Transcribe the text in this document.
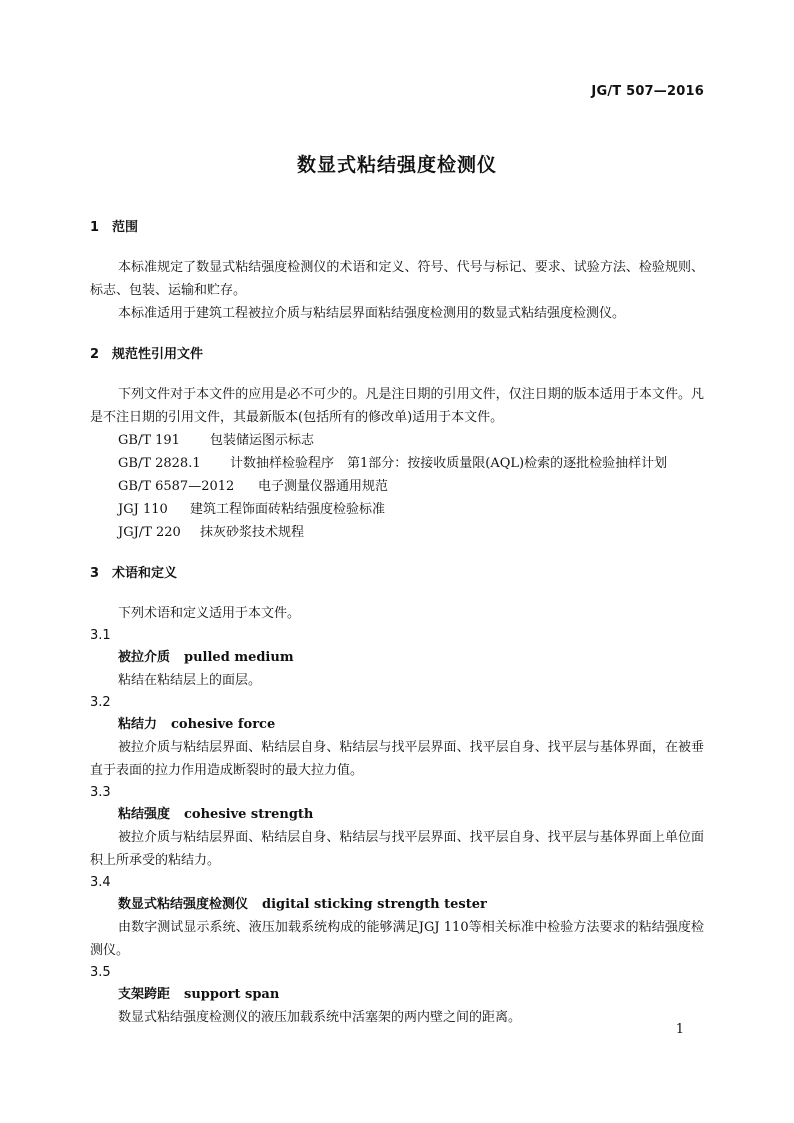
JG/T 507—2016
数显式粘结强度检测仪
1 范围

本标准规定了数显式粘结强度检测仪的术语和定义、符号、代号与标记、要求、试验方法、检验规则、标志、包装、运输和贮存。

本标准适用于建筑工程被拉介质与粘结层界面粘结强度检测用的数显式粘结强度检测仪。

2 规范性引用文件

下列文件对于本文件的应用是必不可少的。凡是注日期的引用文件，仅注日期的版本适用于本文件。凡是不注日期的引用文件，其最新版本(包括所有的修改单)适用于本文件。

GB/T 191 包装储运图示标志
GB/T 2828.1 计数抽样检验程序　第1部分：按接收质量限(AQL)检索的逐批检验抽样计划
GB/T 6587—2012 电子测量仪器通用规范
JGJ 110 建筑工程饰面砖粘结强度检验标准
JGJ/T 220 抹灰砂浆技术规程
3 术语和定义

下列术语和定义适用于本文件。

3.1
被拉介质 pulled medium

粘结在粘结层上的面层。

3.2
粘结力 cohesive force

被拉介质与粘结层界面、粘结层自身、粘结层与找平层界面、找平层自身、找平层与基体界面，在被垂直于表面的拉力作用造成断裂时的最大拉力值。

3.3
粘结强度 cohesive strength

被拉介质与粘结层界面、粘结层自身、粘结层与找平层界面、找平层自身、找平层与基体界面上单位面积上所承受的粘结力。

3.4
数显式粘结强度检测仪 digital sticking strength tester

由数字测试显示系统、液压加载系统构成的能够满足JGJ 110等相关标准中检验方法要求的粘结强度检测仪。

3.5
支架跨距 support span

数显式粘结强度检测仪的液压加载系统中活塞架的两内壁之间的距离。

1
